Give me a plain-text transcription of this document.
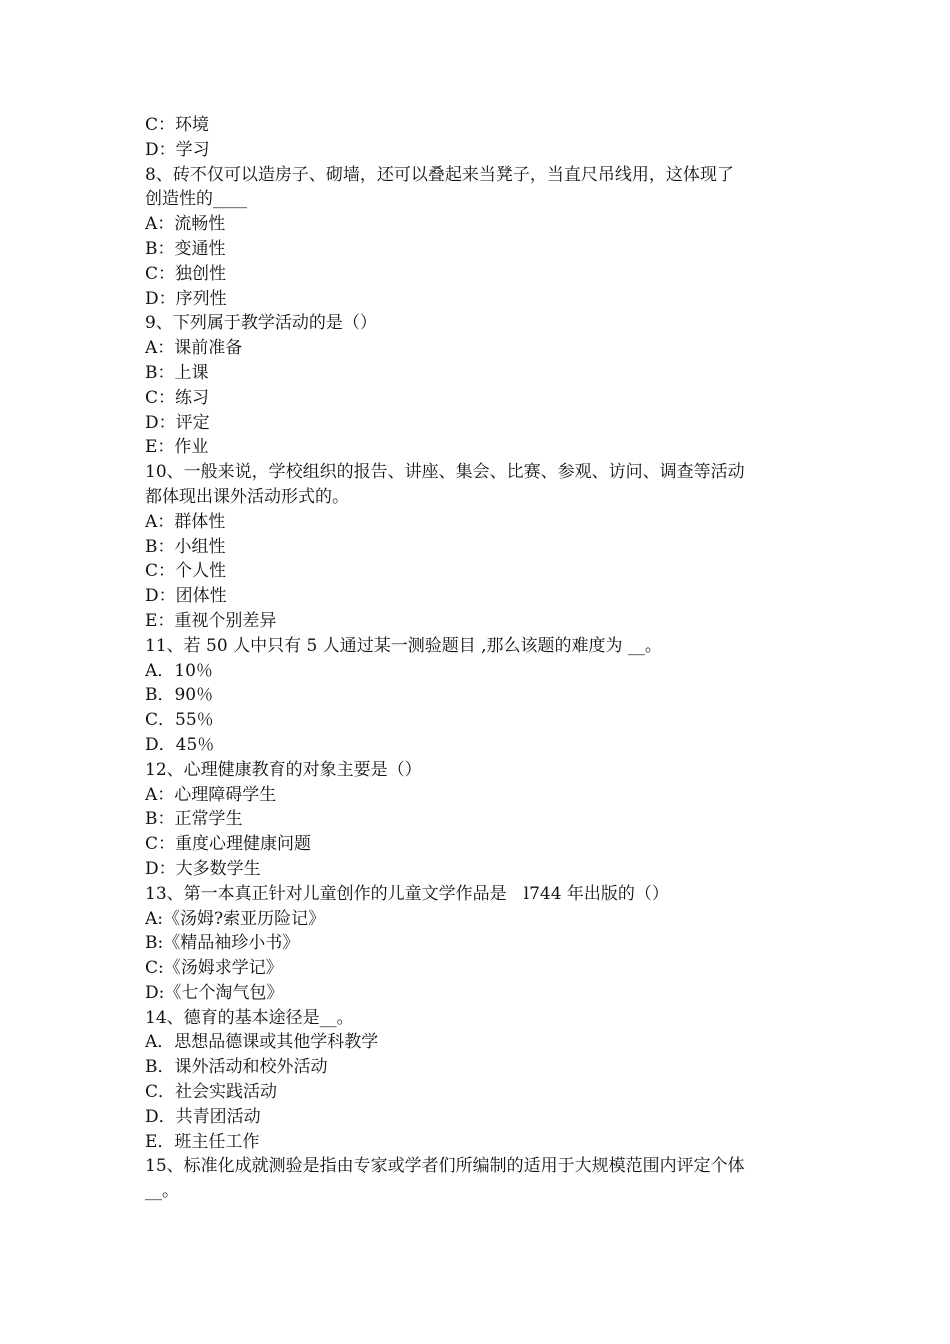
C：环境
D：学习
8、砖不仅可以造房子、砌墙，还可以叠起来当凳子，当直尺吊线用，这体现了
创造性的____
A：流畅性
B：变通性
C：独创性
D：序列性
9、下列属于教学活动的是（）
A：课前准备
B：上课
C：练习
D：评定
E：作业
10、一般来说，学校组织的报告、讲座、集会、比赛、参观、访问、调查等活动
都体现出课外活动形式的。
A：群体性
B：小组性
C：个人性
D：团体性
E：重视个别差异
11、若 50 人中只有 5 人通过某一测验题目 ,那么该题的难度为 __。
A．10％
B．90％
C．55％
D．45％
12、心理健康教育的对象主要是（）
A：心理障碍学生
B：正常学生
C：重度心理健康问题
D：大多数学生
13、第一本真正针对儿童创作的儿童文学作品是　l744 年出版的（）
A:《汤姆?索亚历险记》
B:《精品袖珍小书》
C:《汤姆求学记》
D:《七个淘气包》
14、德育的基本途径是__。
A．思想品德课或其他学科教学
B．课外活动和校外活动
C．社会实践活动
D．共青团活动
E．班主任工作
15、标准化成就测验是指由专家或学者们所编制的适用于大规模范围内评定个体
__。
